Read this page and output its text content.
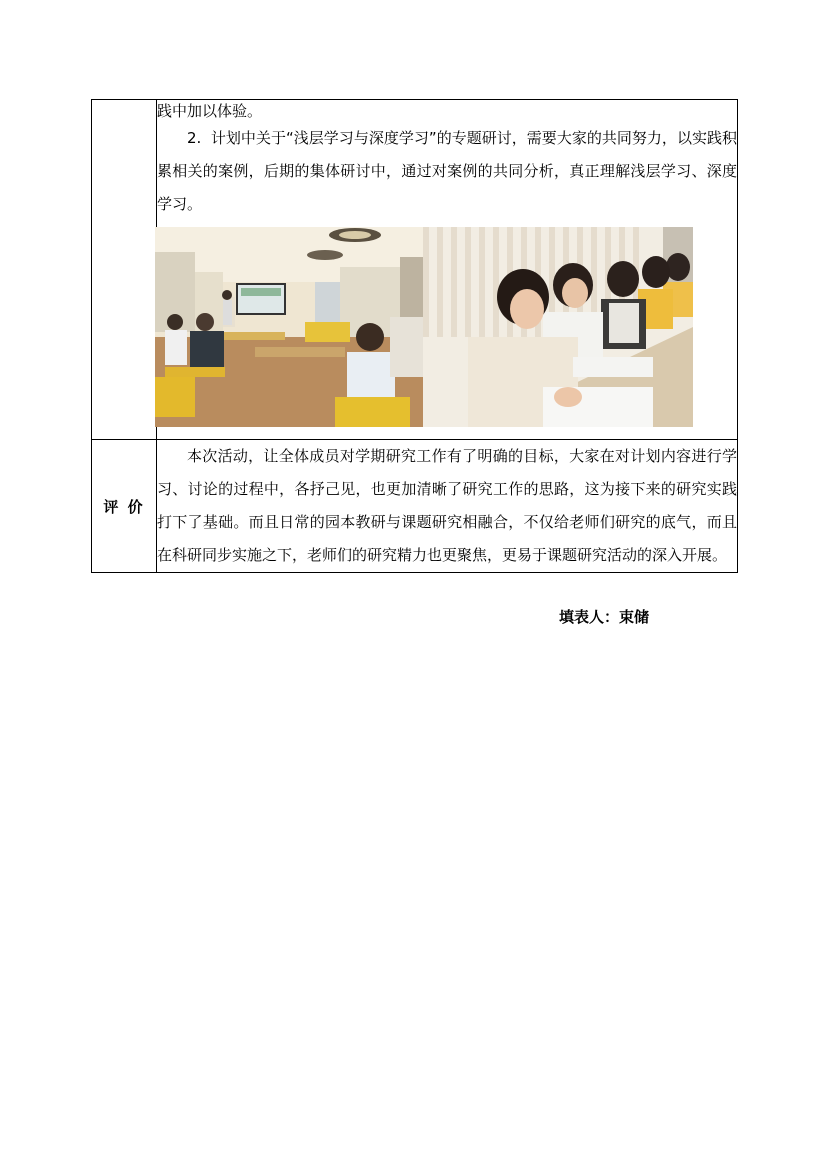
	践中加以体验。

2. 计划中关于“浅层学习与深度学习”的专题研讨，需要大家的共同努力，以实践积累相关的案例，后期的集体研讨中，通过对案例的共同分析，真正理解浅层学习、深度学习。

评 价	本次活动，让全体成员对学期研究工作有了明确的目标，大家在对计划内容进行学习、讨论的过程中，各抒己见，也更加清晰了研究工作的思路，这为接下来的研究实践打下了基础。而且日常的园本教研与课题研究相融合，不仅给老师们研究的底气，而且在科研同步实施之下，老师们的研究精力也更聚焦，更易于课题研究活动的深入开展。

填表人：束储
